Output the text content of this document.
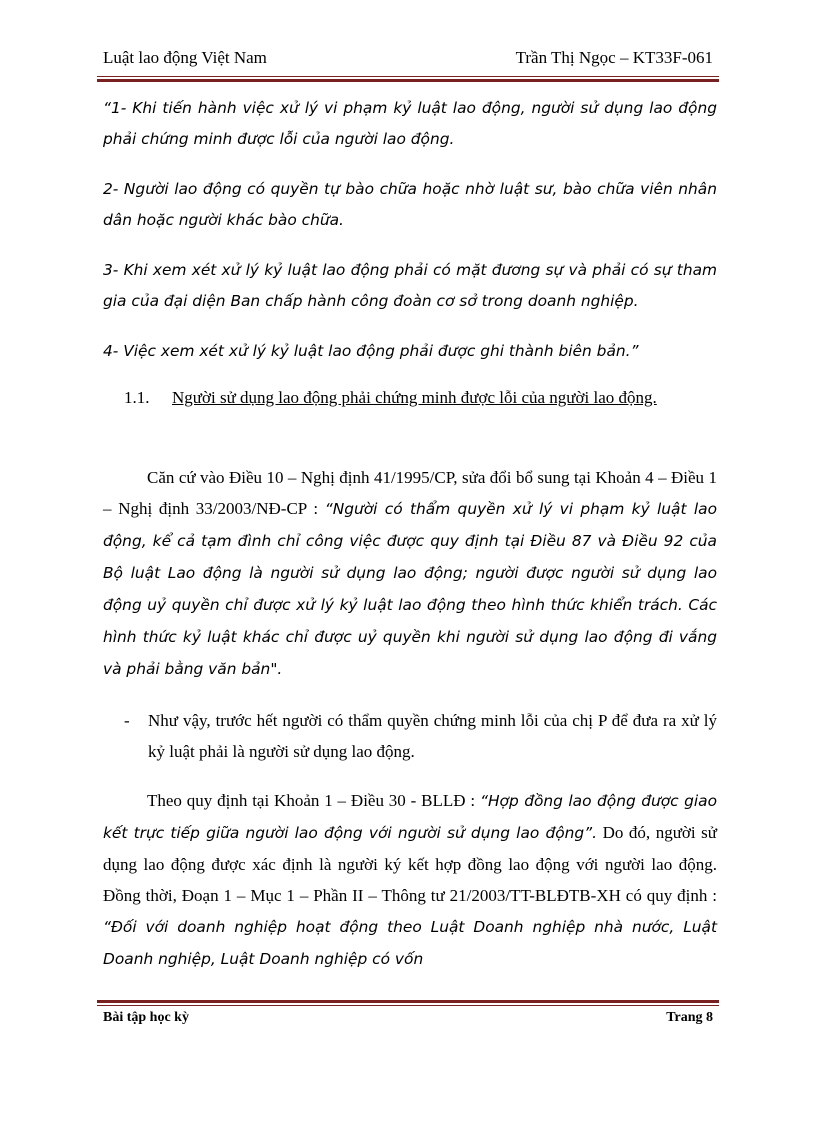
Luật lao động Việt Nam	Trần Thị Ngọc – KT33F-061
“1- Khi tiến hành việc xử lý vi phạm kỷ luật lao động, người sử dụng lao động phải chứng minh được lỗi của người lao động.
2- Người lao động có quyền tự bào chữa hoặc nhờ luật sư, bào chữa viên nhân dân hoặc người khác bào chữa.
3- Khi xem xét xử lý kỷ luật lao động phải có mặt đương sự và phải có sự tham gia của đại diện Ban chấp hành công đoàn cơ sở trong doanh nghiệp.
4- Việc xem xét xử lý kỷ luật lao động phải được ghi thành biên bản.”
1.1.	Người sử dụng lao động phải chứng minh được lỗi của người lao động.
Căn cứ vào Điều 10 – Nghị định 41/1995/CP, sửa đổi bổ sung tại Khoản 4 – Điều 1 – Nghị định 33/2003/NĐ-CP : “Người có thẩm quyền xử lý vi phạm kỷ luật lao động, kể cả tạm đình chỉ công việc được quy định tại Điều 87 và Điều 92 của Bộ luật Lao động là người sử dụng lao động; người được người sử dụng lao động uỷ quyền chỉ được xử lý kỷ luật lao động theo hình thức khiển trách. Các hình thức kỷ luật khác chỉ được uỷ quyền khi người sử dụng lao động đi vắng và phải bằng văn bản".
-	Như vậy, trước hết người có thẩm quyền chứng minh lỗi của chị P để đưa ra xử lý kỷ luật phải là người sử dụng lao động.
Theo quy định tại Khoản 1 – Điều 30 - BLLĐ : “Hợp đồng lao động được giao kết trực tiếp giữa người lao động với người sử dụng lao động”. Do đó, người sử dụng lao động được xác định là người ký kết hợp đồng lao động với người lao động. Đồng thời, Đoạn 1 – Mục 1 – Phần II – Thông tư 21/2003/TT-BLĐTB-XH có quy định : “Đối với doanh nghiệp hoạt động theo Luật Doanh nghiệp nhà nước, Luật Doanh nghiệp, Luật Doanh nghiệp có vốn
Bài tập học kỳ	Trang 8
